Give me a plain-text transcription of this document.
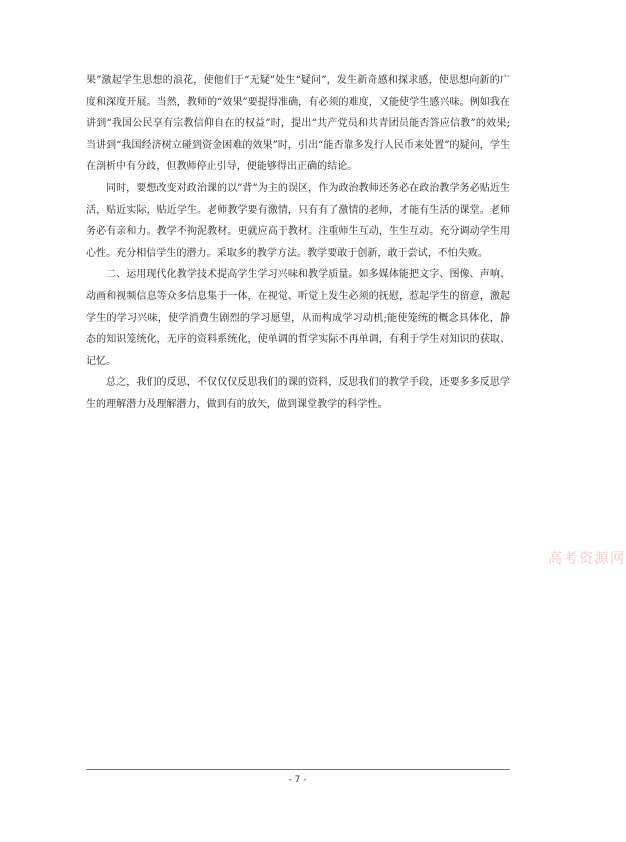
果”激起学生思想的浪花，使他们于“无疑”处生“疑问”，发生新奇感和探求感，使思想向新的广度和深度开展。当然，教师的“效果”要提得准确，有必须的难度，又能使学生感兴味。例如我在讲到“我国公民享有宗教信仰自在的权益”时，提出“共产党员和共青团员能否答应信教”的效果;当讲到“我国经济树立碰到资金困难的效果”时，引出“能否靠多发行人民币来处置”的疑问，学生在剖析中有分歧，但教师停止引导，便能够得出正确的结论。

同时，要想改变对政治课的以”背”为主的误区，作为政治教师还务必在政治教学务必贴近生活，贴近实际，贴近学生。老师教学要有激情，只有有了激情的老师，才能有生活的课堂。老师务必有亲和力。教学不拘泥教材。更就应高于教材。注重师生互动，生生互动。充分调动学生用心性。充分相信学生的潜力。采取多的教学方法。教学要敢于创新，敢于尝试，不怕失败。

二、运用现代化教学技术提高学生学习兴味和教学质量。如多媒体能把文字、图像、声响、动画和视频信息等众多信息集于一体，在视觉、听觉上发生必须的抚慰，惹起学生的留意，激起学生的学习兴味，使学消费生剧烈的学习愿望，从而构成学习动机;能使笼统的概念具体化，静态的知识笼统化，无序的资料系统化，使单调的哲学实际不再单调，有利于学生对知识的获取、记忆。

总之，我们的反思，不仅仅仅反思我们的课的资料，反思我们的教学手段，还要多多反思学生的理解潜力及理解潜力，做到有的放矢，做到课堂教学的科学性。

高考资源网
- 7 -
